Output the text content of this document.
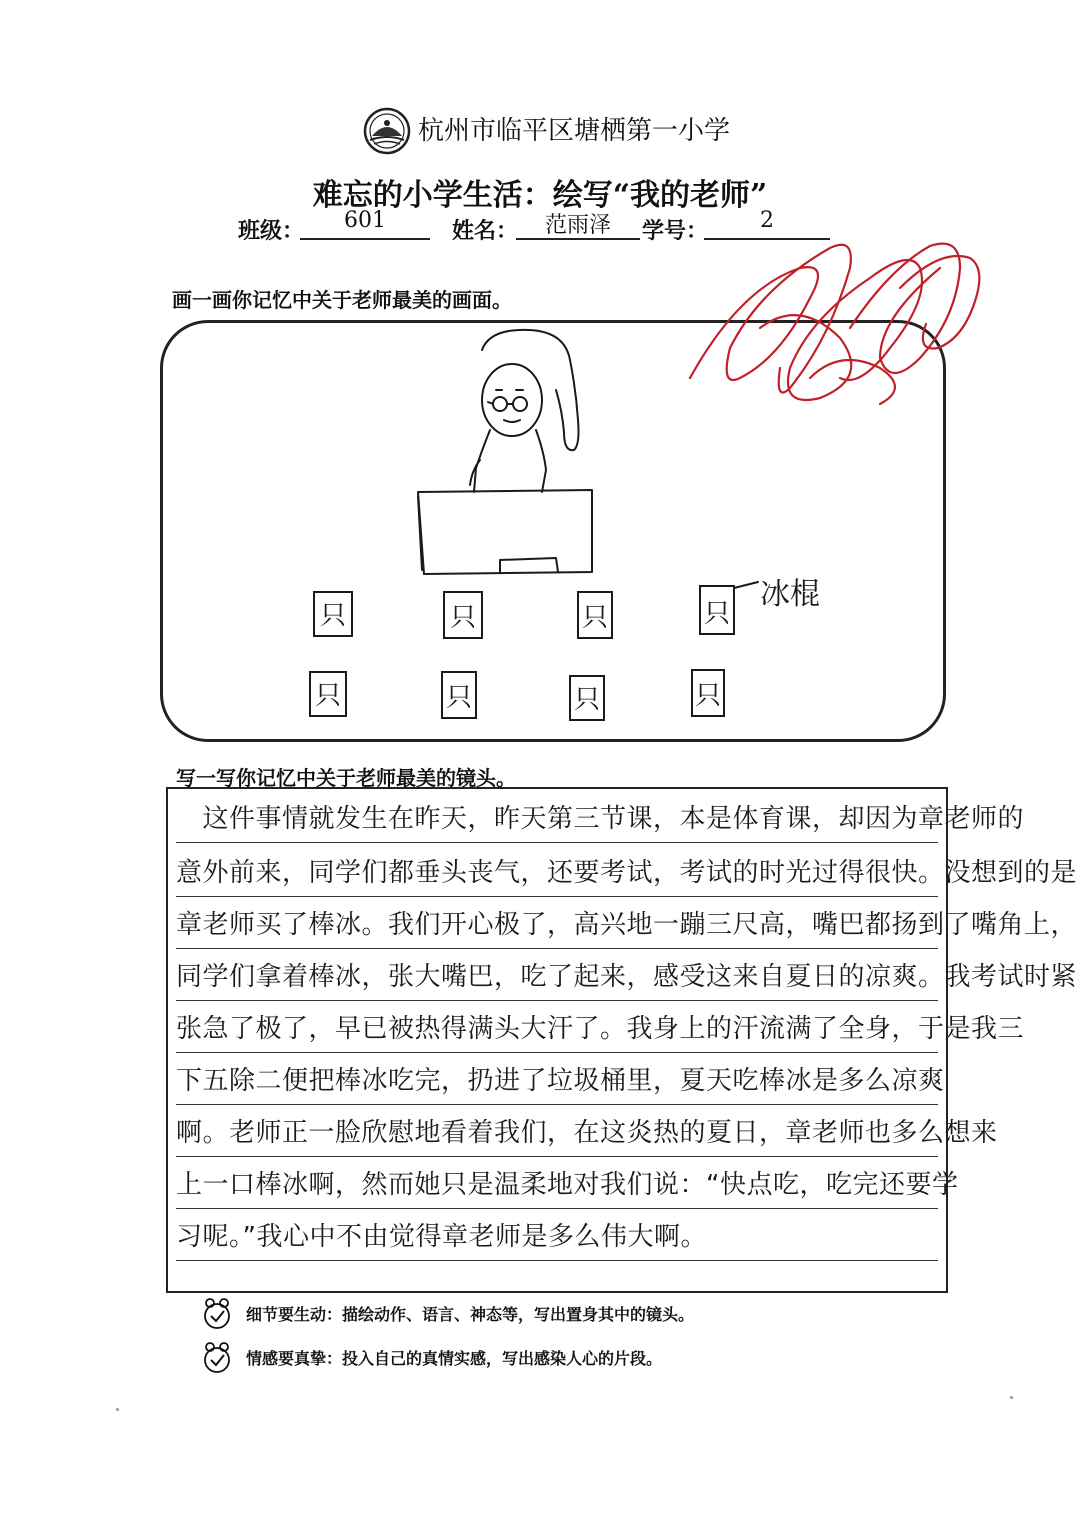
杭州市临平区塘栖第一小学
难忘的小学生活：绘写“我的老师”
班级：	601	姓名：	范雨泽	学号：	2
画一画你记忆中关于老师最美的画面。
只	只	只	只
只	只	只	只
冰棍
写一写你记忆中关于老师最美的镜头。
　这件事情就发生在昨天，昨天第三节课，本是体育课，却因为章老师的
意外前来，同学们都垂头丧气，还要考试，考试的时光过得很快。没想到的是
章老师买了棒冰。我们开心极了，高兴地一蹦三尺高，嘴巴都扬到了嘴角上，
同学们拿着棒冰，张大嘴巴，吃了起来，感受这来自夏日的凉爽。我考试时紧
张急了极了，早已被热得满头大汗了。我身上的汗流满了全身，于是我三
下五除二便把棒冰吃完，扔进了垃圾桶里，夏天吃棒冰是多么凉爽
啊。老师正一脸欣慰地看着我们，在这炎热的夏日，章老师也多么想来
上一口棒冰啊，然而她只是温柔地对我们说：“快点吃，吃完还要学
习呢。”我心中不由觉得章老师是多么伟大啊。
细节要生动：描绘动作、语言、神态等，写出置身其中的镜头。
情感要真挚：投入自己的真情实感，写出感染人心的片段。
